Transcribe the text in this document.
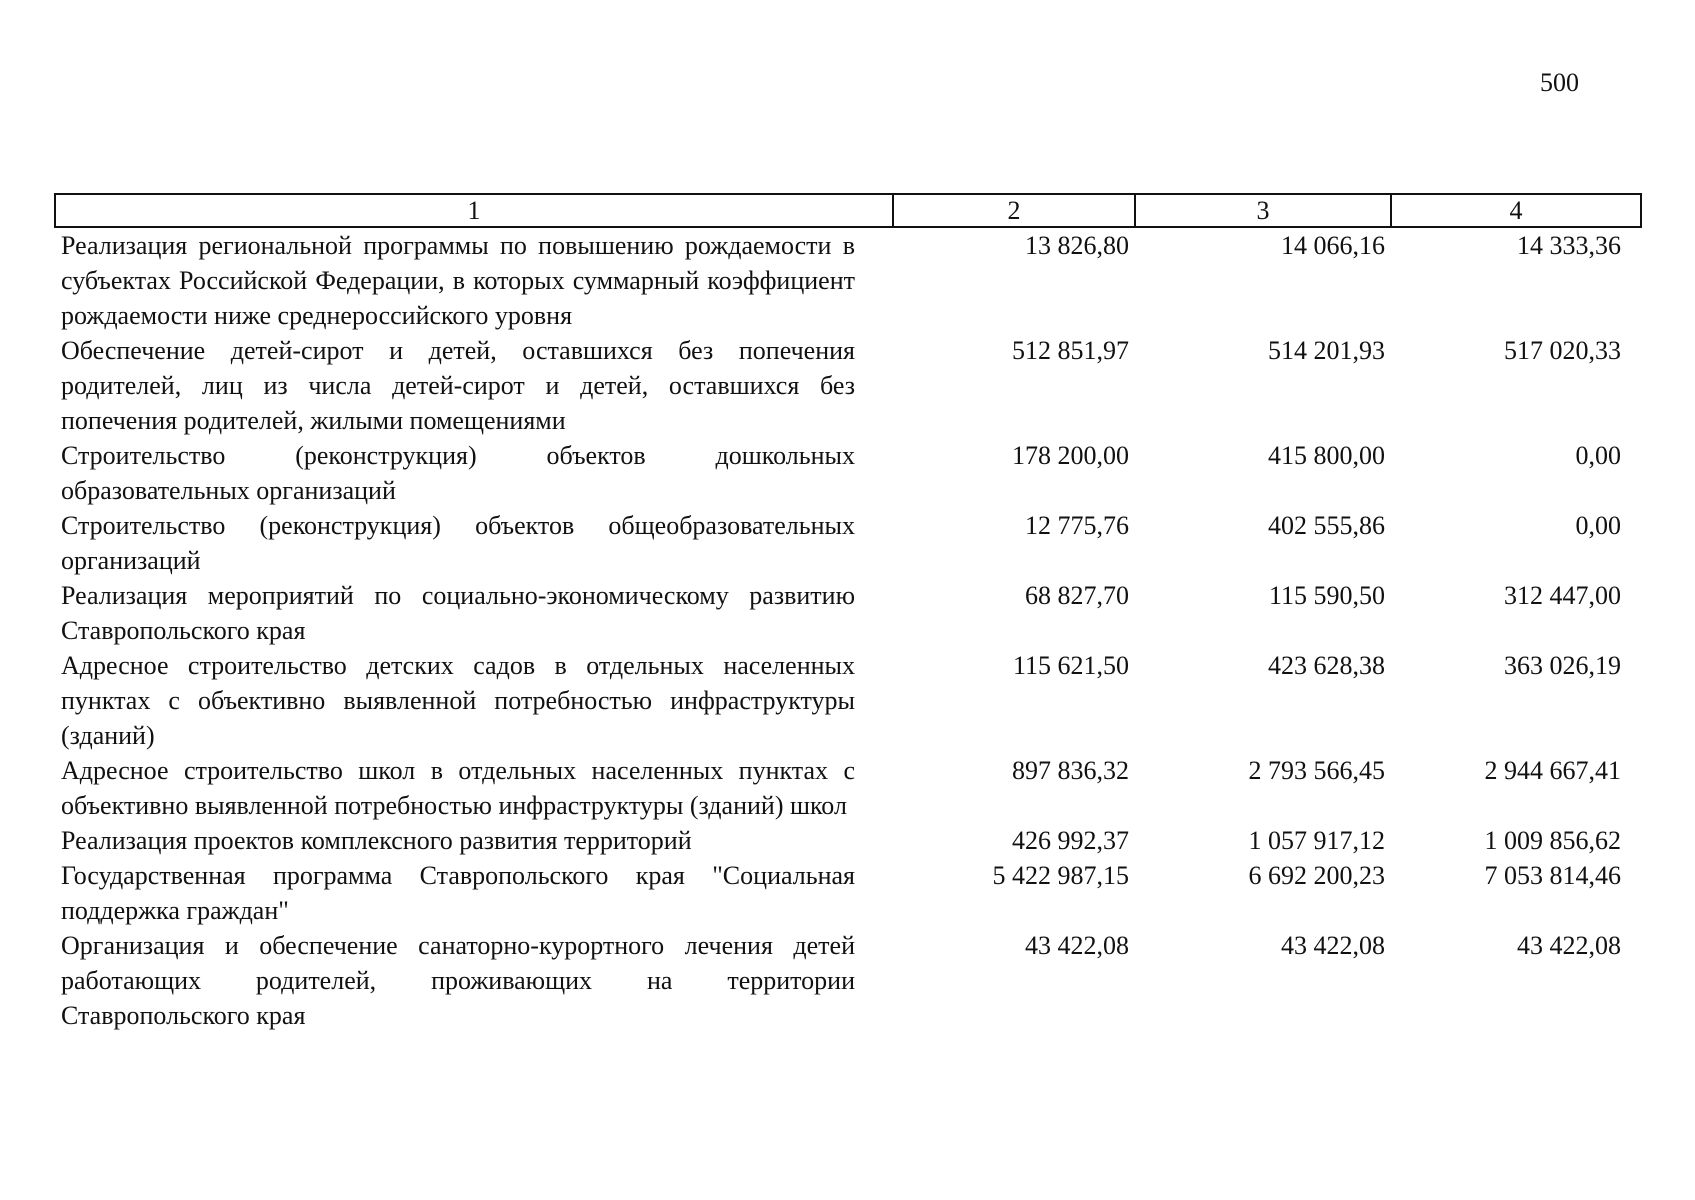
500
1	2	3	4
Реализация региональной программы по повышению рождаемости в субъектах Российской Федерации, в которых суммарный коэффициент рождаемости ниже среднероссийского уровня	13 826,80	14 066,16	14 333,36
Обеспечение детей-сирот и детей, оставшихся без попечения родителей, лиц из числа детей-сирот и детей, оставшихся без попечения родителей, жилыми помещениями	512 851,97	514 201,93	517 020,33
Строительство (реконструкция) объектов дошкольных образовательных организаций	178 200,00	415 800,00	0,00
Строительство (реконструкция) объектов общеобразовательных организаций	12 775,76	402 555,86	0,00
Реализация мероприятий по социально-экономическому развитию Ставропольского края	68 827,70	115 590,50	312 447,00
Адресное строительство детских садов в отдельных населенных пунктах с объективно выявленной потребностью инфраструктуры (зданий)	115 621,50	423 628,38	363 026,19
Адресное строительство школ в отдельных населенных пунктах с объективно выявленной потребностью инфраструктуры (зданий) школ	897 836,32	2 793 566,45	2 944 667,41
Реализация проектов комплексного развития территорий	426 992,37	1 057 917,12	1 009 856,62
Государственная программа Ставропольского края "Социальная поддержка граждан"	5 422 987,15	6 692 200,23	7 053 814,46
Организация и обеспечение санаторно-курортного лечения детей работающих родителей, проживающих на территории Ставропольского края	43 422,08	43 422,08	43 422,08
